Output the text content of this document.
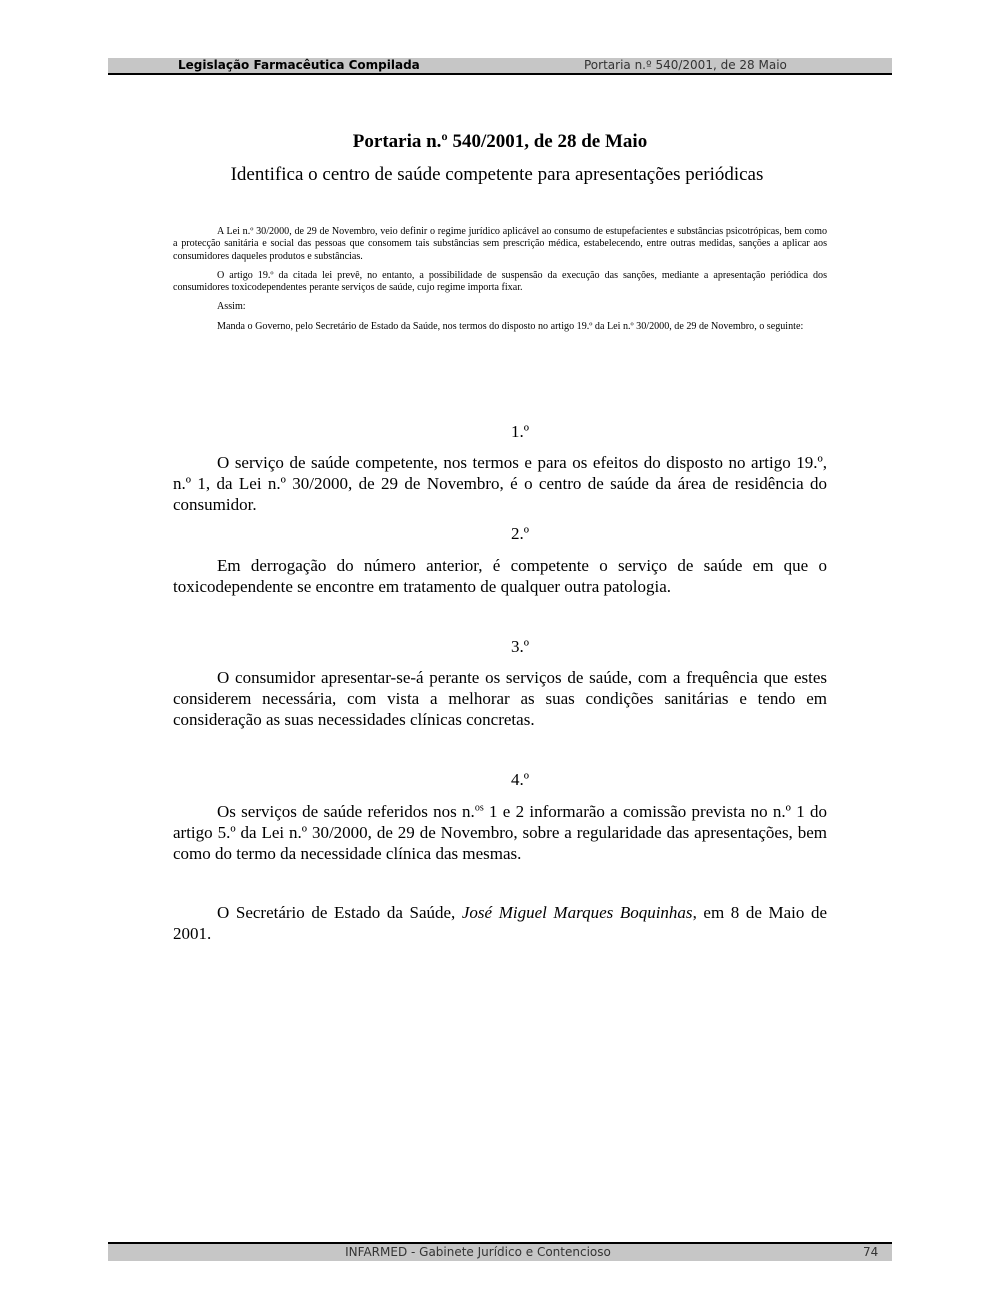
Legislação Farmacêutica Compilada	Portaria n.º 540/2001, de 28 Maio
Portaria n.º 540/2001, de 28 de Maio
Identifica o centro de saúde competente para apresentações periódicas

A Lei n.º 30/2000, de 29 de Novembro, veio definir o regime jurídico aplicável ao consumo de estupefacientes e substâncias psicotrópicas, bem como a protecção sanitária e social das pessoas que consomem tais substâncias sem prescrição médica, estabelecendo, entre outras medidas, sanções a aplicar aos consumidores daqueles produtos e substâncias.

O artigo 19.º da citada lei prevê, no entanto, a possibilidade de suspensão da execução das sanções, mediante a apresentação periódica dos consumidores toxicodependentes perante serviços de saúde, cujo regime importa fixar.

Assim:

Manda o Governo, pelo Secretário de Estado da Saúde, nos termos do disposto no artigo 19.º da Lei n.º 30/2000, de 29 de Novembro, o seguinte:

1.º

O serviço de saúde competente, nos termos e para os efeitos do disposto no artigo 19.º, n.º 1, da Lei n.º 30/2000, de 29 de Novembro, é o centro de saúde da área de residência do consumidor.

2.º

Em derrogação do número anterior, é competente o serviço de saúde em que o toxicodependente se encontre em tratamento de qualquer outra patologia.

3.º

O consumidor apresentar-se-á perante os serviços de saúde, com a frequência que estes considerem necessária, com vista a melhorar as suas condições sanitárias e tendo em consideração as suas necessidades clínicas concretas.

4.º

Os serviços de saúde referidos nos n.$^{os}$ 1 e 2 informarão a comissão prevista no n.º 1 do artigo 5.º da Lei n.º 30/2000, de 29 de Novembro, sobre a regularidade das apresentações, bem como do termo da necessidade clínica das mesmas.

O Secretário de Estado da Saúde, José Miguel Marques Boquinhas, em 8 de Maio de 2001.

INFARMED - Gabinete Jurídico e Contencioso	74
